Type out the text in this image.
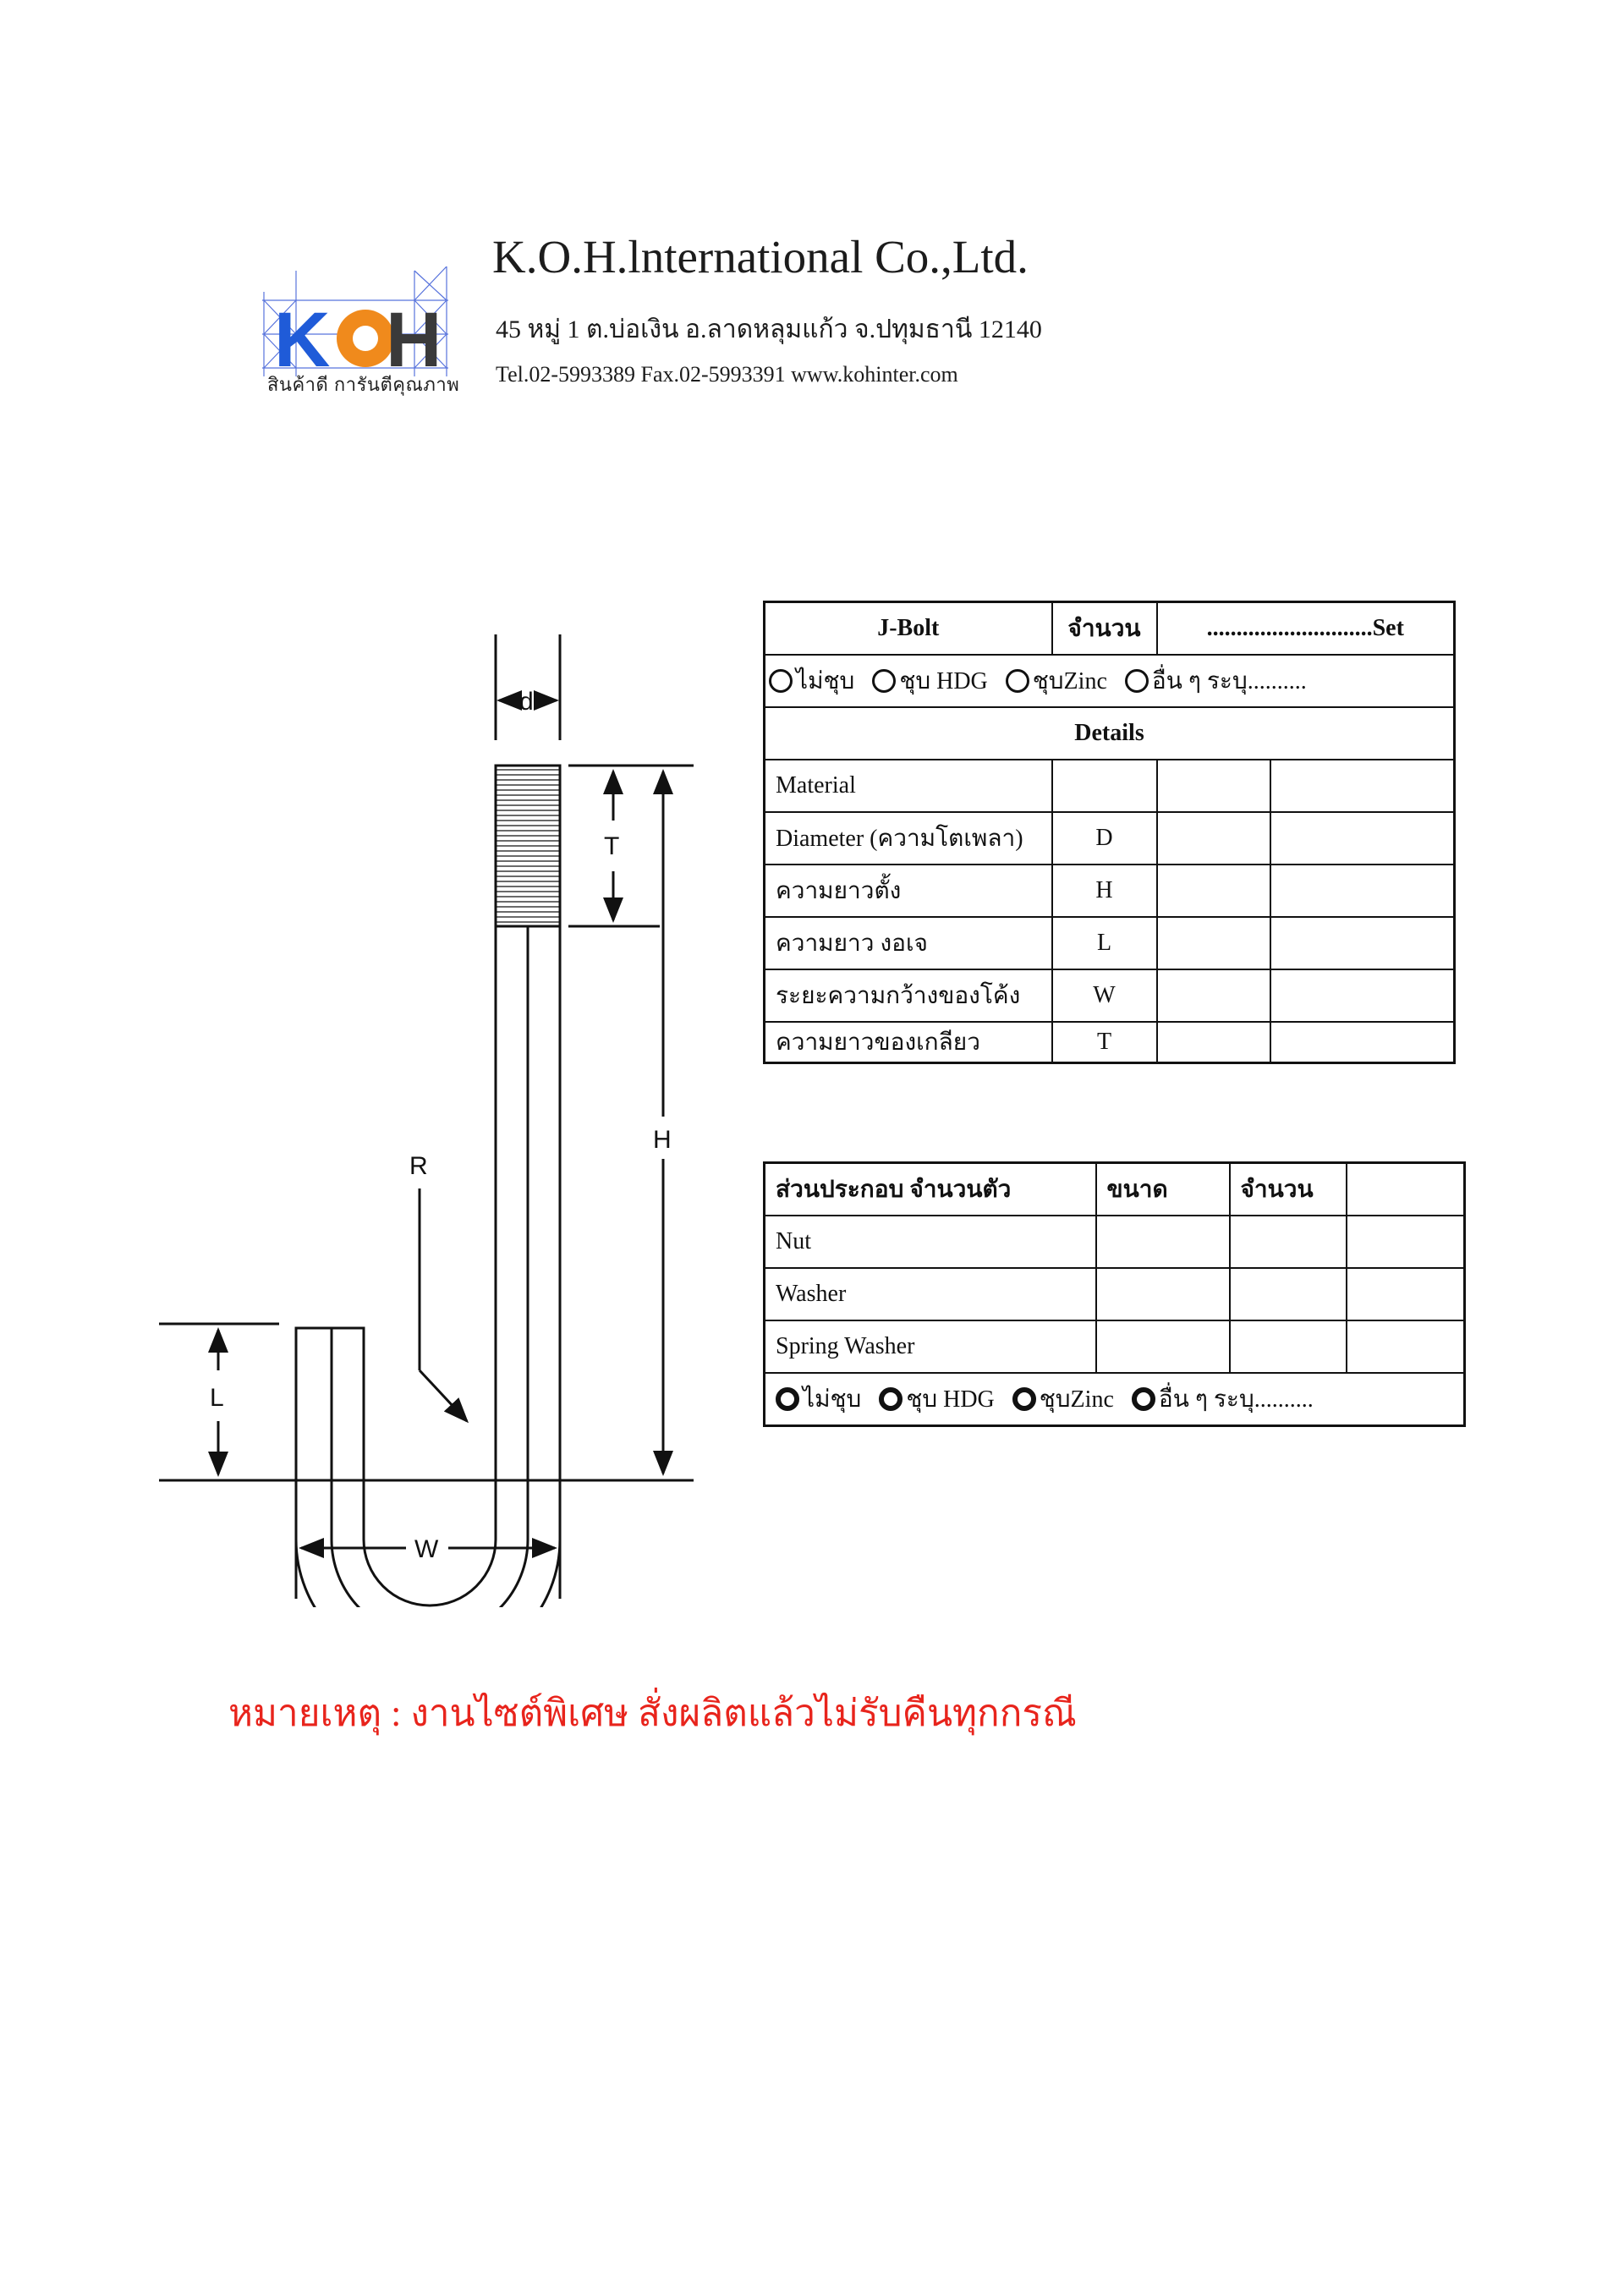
K H
สินค้าดี การันตีคุณภาพ
K.O.H.lnternational Co.,Ltd.
45 หมู่ 1 ต.บ่อเงิน อ.ลาดหลุมแก้ว จ.ปทุมธานี 12140
Tel.02-5993389 Fax.02-5993391 www.kohinter.com
d
T
H
R
L
W
J-Bolt	จำนวน	............................Set	

ไม่ชุบ
ชุบ HDG
ชุบZinc
อื่น ๆ ระบุ..........			

Details			
Material			
Diameter (ความโตเพลา)	D		
ความยาวตั้ง	H		
ความยาว งอเจ	L		
ระยะความกว้างของโค้ง	W		
ความยาวของเกลียว	T		
ส่วนประกอบ จำนวนตัว	ขนาด	จำนวน	
Nut			
Washer			
Spring Washer			

ไม่ชุบ
ชุบ HDG
ชุบZinc
อื่น ๆ ระบุ..........			
หมายเหตุ : งานไซต์พิเศษ สั่งผลิตแล้วไม่รับคืนทุกกรณี
